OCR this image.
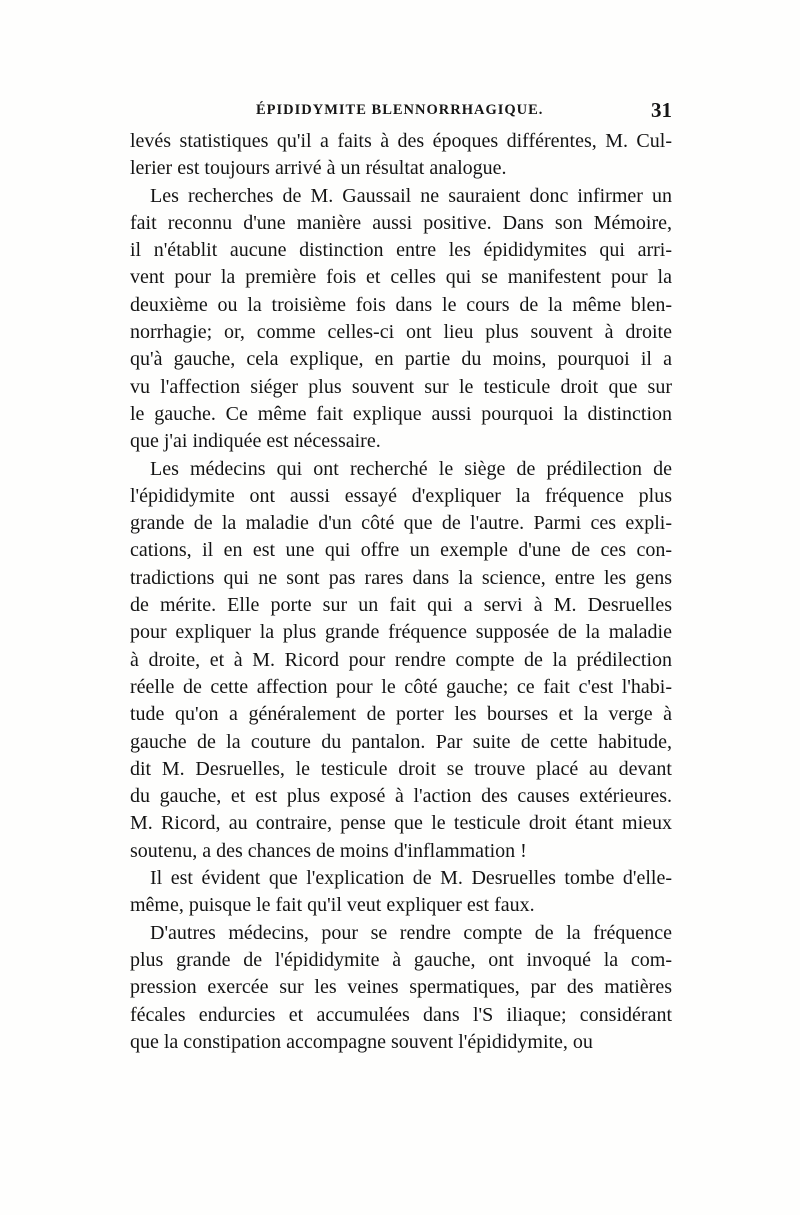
ÉPIDIDYMITE BLENNORRHAGIQUE.	31
levés statistiques qu'il a faits à des époques différentes, M. Cul-
lerier est toujours arrivé à un résultat analogue.
Les recherches de M. Gaussail ne sauraient donc infirmer un
fait reconnu d'une manière aussi positive. Dans son Mémoire,
il n'établit aucune distinction entre les épididymites qui arri-
vent pour la première fois et celles qui se manifestent pour la
deuxième ou la troisième fois dans le cours de la même blen-
norrhagie; or, comme celles-ci ont lieu plus souvent à droite
qu'à gauche, cela explique, en partie du moins, pourquoi il a
vu l'affection siéger plus souvent sur le testicule droit que sur
le gauche. Ce même fait explique aussi pourquoi la distinction
que j'ai indiquée est nécessaire.
Les médecins qui ont recherché le siège de prédilection de
l'épididymite ont aussi essayé d'expliquer la fréquence plus
grande de la maladie d'un côté que de l'autre. Parmi ces expli-
cations, il en est une qui offre un exemple d'une de ces con-
tradictions qui ne sont pas rares dans la science, entre les gens
de mérite. Elle porte sur un fait qui a servi à M. Desruelles
pour expliquer la plus grande fréquence supposée de la maladie
à droite, et à M. Ricord pour rendre compte de la prédilection
réelle de cette affection pour le côté gauche; ce fait c'est l'habi-
tude qu'on a généralement de porter les bourses et la verge à
gauche de la couture du pantalon. Par suite de cette habitude,
dit M. Desruelles, le testicule droit se trouve placé au devant
du gauche, et est plus exposé à l'action des causes extérieures.
M. Ricord, au contraire, pense que le testicule droit étant mieux
soutenu, a des chances de moins d'inflammation !
Il est évident que l'explication de M. Desruelles tombe d'elle-
même, puisque le fait qu'il veut expliquer est faux.
D'autres médecins, pour se rendre compte de la fréquence
plus grande de l'épididymite à gauche, ont invoqué la com-
pression exercée sur les veines spermatiques, par des matières
fécales endurcies et accumulées dans l'S iliaque; considérant
que la constipation accompagne souvent l'épididymite, ou
